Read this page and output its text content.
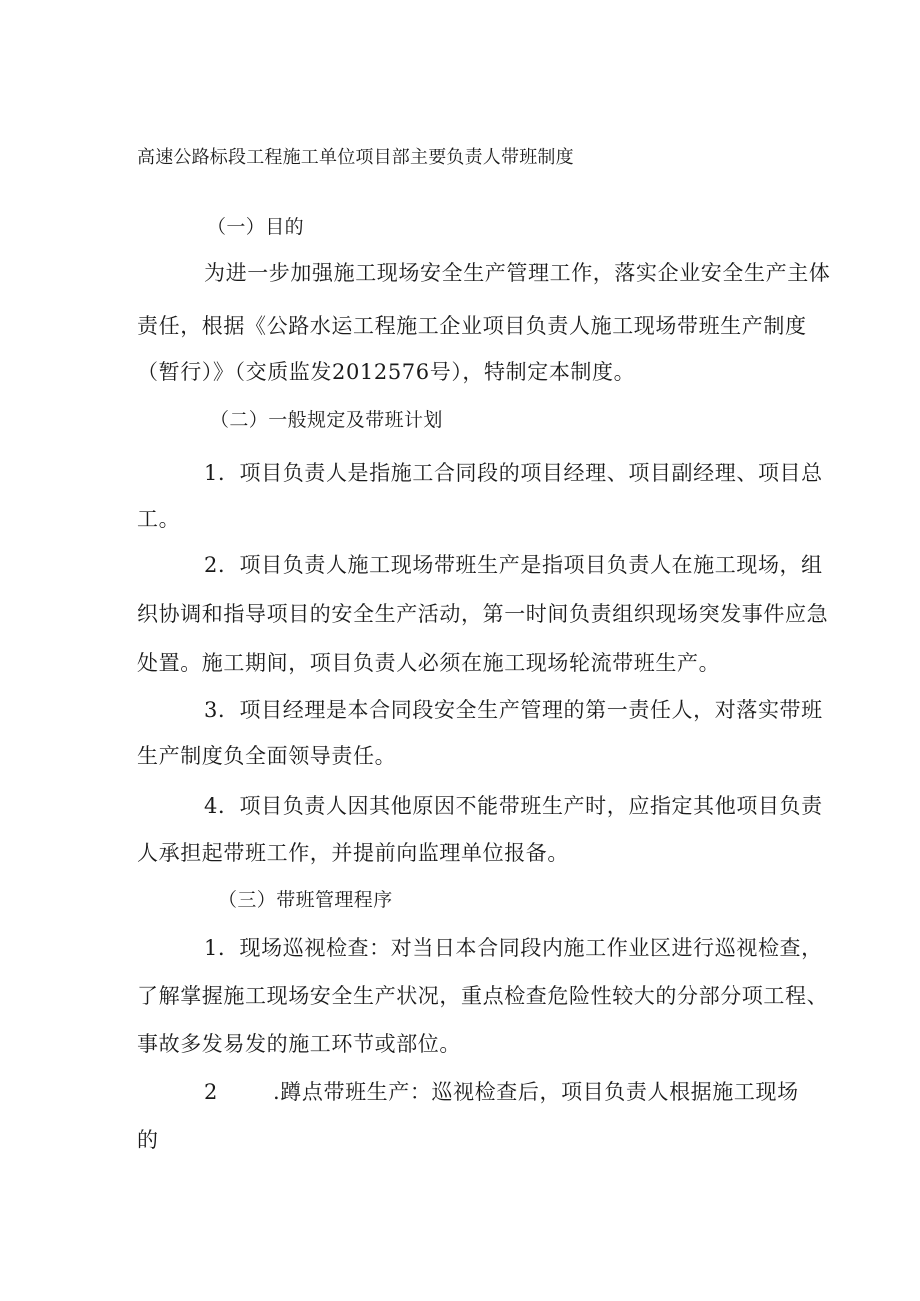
高速公路标段工程施工单位项目部主要负责人带班制度
（一）目的
为进一步加强施工现场安全生产管理工作，落实企业安全生产主体
责任，根据《公路水运工程施工企业项目负责人施工现场带班生产制度
（暂行）》（交质监发2012576号），特制定本制度。
（二）一般规定及带班计划
1．项目负责人是指施工合同段的项目经理、项目副经理、项目总
工。
2．项目负责人施工现场带班生产是指项目负责人在施工现场，组
织协调和指导项目的安全生产活动，第一时间负责组织现场突发事件应急
处置。施工期间，项目负责人必须在施工现场轮流带班生产。
3．项目经理是本合同段安全生产管理的第一责任人，对落实带班
生产制度负全面领导责任。
4．项目负责人因其他原因不能带班生产时，应指定其他项目负责
人承担起带班工作，并提前向监理单位报备。
（三）带班管理程序
1．现场巡视检查：对当日本合同段内施工作业区进行巡视检查，
了解掌握施工现场安全生产状况，重点检查危险性较大的分部分项工程、
事故多发易发的施工环节或部位。
2	.蹲点带班生产：巡视检查后，项目负责人根据施工现场
的
